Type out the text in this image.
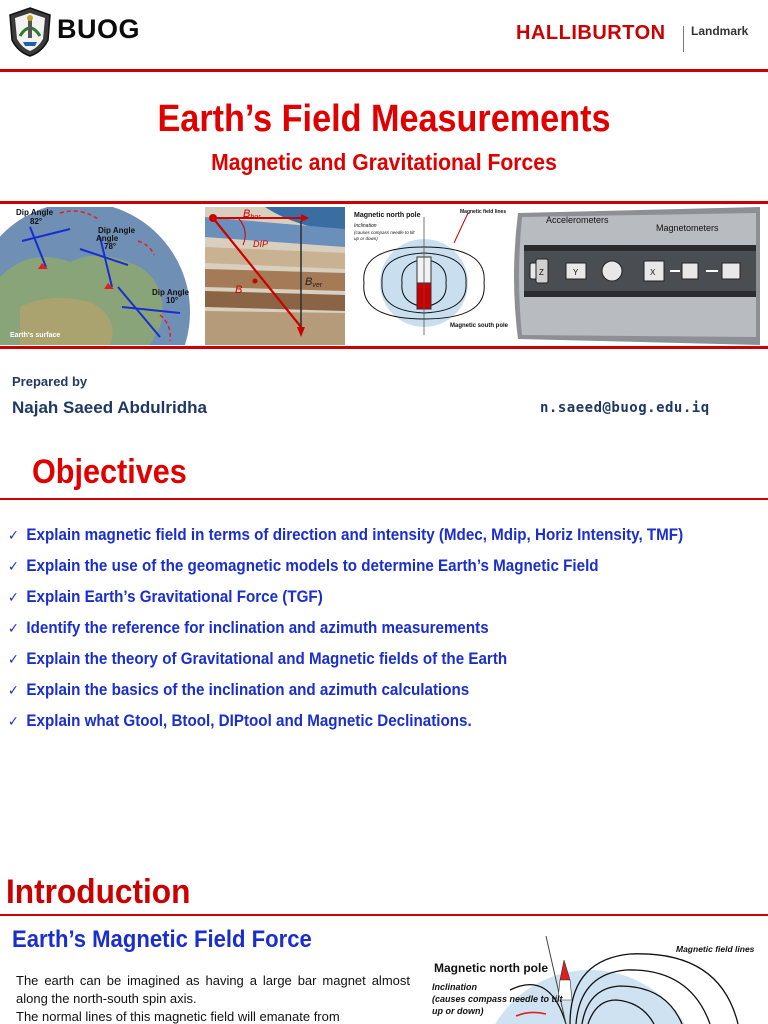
BUOG	HALLIBURTON Landmark
Earth’s Field Measurements
Magnetic and Gravitational Forces
Dip Angle
82°
Dip Angle
Angle
78°
Dip Angle
10°
Earth's surface
Bhor
DIP
B
Bver
Magnetic north pole	Magnetic field lines
Inclination
(causes compass needle to tilt
up or down)
Magnetic south pole
Accelerometers
Magnetometers
Z	Y	X
Prepared by
Najah Saeed Abdulridha	n.saeed@buog.edu.iq
Objectives
✓ Explain magnetic field in terms of direction and intensity (Mdec, Mdip, Horiz Intensity, TMF)
✓ Explain the use of the geomagnetic models to determine Earth’s Magnetic Field
✓ Explain Earth’s Gravitational Force (TGF)
✓ Identify the reference for inclination and azimuth measurements
✓ Explain the theory of Gravitational and Magnetic fields of the Earth
✓ Explain the basics of the inclination and azimuth calculations
✓ Explain what Gtool, Btool, DIPtool and Magnetic Declinations.
Introduction
Earth’s Magnetic Field Force
The earth can be imagined as having a large bar magnet almost along the north-south spin axis.
The normal lines of this magnetic field will emanate from
Magnetic north pole
Magnetic field lines
Inclination
(causes compass needle to tilt
up or down)
